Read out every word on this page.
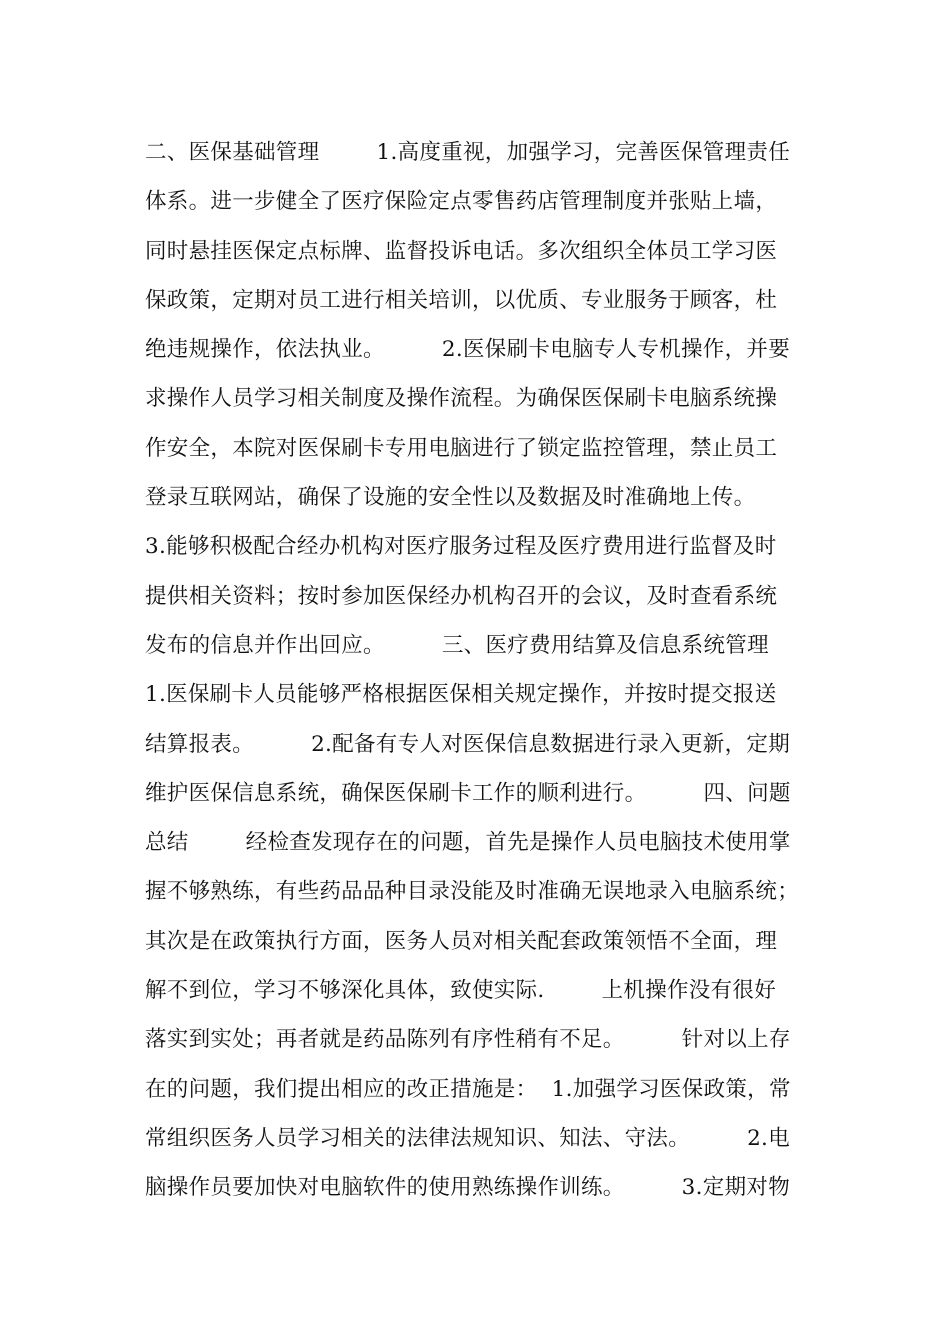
二、医保基础管理        1.高度重视，加强学习，完善医保管理责任
体系。进一步健全了医疗保险定点零售药店管理制度并张贴上墙，
同时悬挂医保定点标牌、监督投诉电话。多次组织全体员工学习医
保政策，定期对员工进行相关培训，以优质、专业服务于顾客，杜
绝违规操作，依法执业。        2.医保刷卡电脑专人专机操作，并要
求操作人员学习相关制度及操作流程。为确保医保刷卡电脑系统操
作安全，本院对医保刷卡专用电脑进行了锁定监控管理，禁止员工
登录互联网站，确保了设施的安全性以及数据及时准确地上传。
3.能够积极配合经办机构对医疗服务过程及医疗费用进行监督及时
提供相关资料；按时参加医保经办机构召开的会议，及时查看系统
发布的信息并作出回应。        三、医疗费用结算及信息系统管理
1.医保刷卡人员能够严格根据医保相关规定操作，并按时提交报送
结算报表。        2.配备有专人对医保信息数据进行录入更新，定期
维护医保信息系统，确保医保刷卡工作的顺利进行。        四、问题
总结        经检查发现存在的问题，首先是操作人员电脑技术使用掌
握不够熟练，有些药品品种目录没能及时准确无误地录入电脑系统；
其次是在政策执行方面，医务人员对相关配套政策领悟不全面，理
解不到位，学习不够深化具体，致使实际.        上机操作没有很好
落实到实处；再者就是药品陈列有序性稍有不足。        针对以上存
在的问题，我们提出相应的改正措施是：  1.加强学习医保政策，常
常组织医务人员学习相关的法律法规知识、知法、守法。        2.电
脑操作员要加快对电脑软件的使用熟练操作训练。        3.定期对物
